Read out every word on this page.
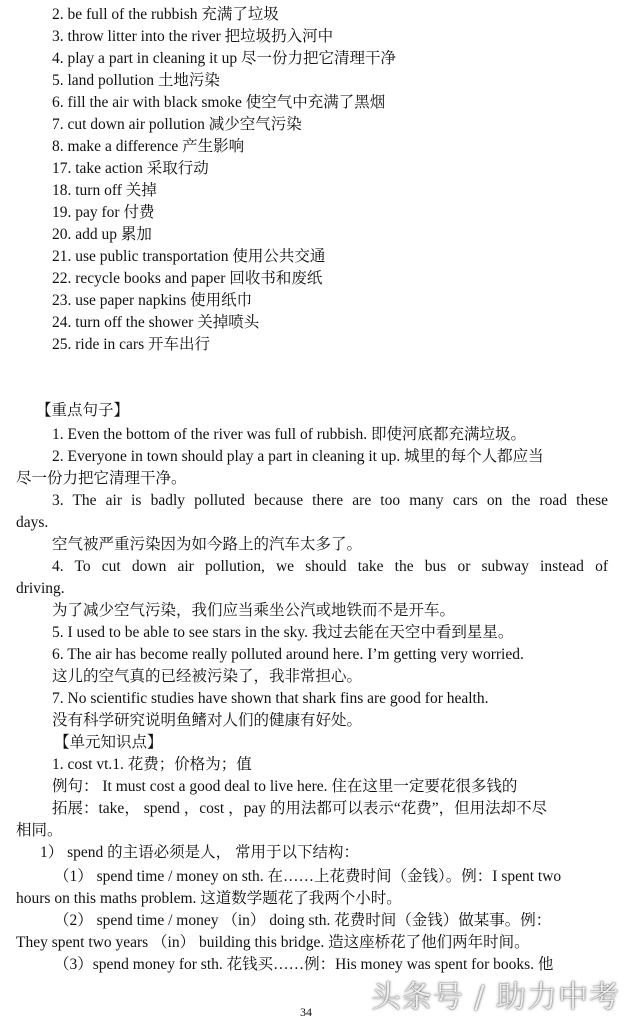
2. be full of the rubbish 充满了垃圾
3. throw litter into the river 把垃圾扔入河中
4. play a part in cleaning it up 尽一份力把它清理干净
5. land pollution 土地污染
6. fill the air with black smoke 使空气中充满了黑烟
7. cut down air pollution 减少空气污染
8. make a difference 产生影响
17. take action 采取行动
18. turn off 关掉
19. pay for 付费
20. add up 累加
21. use public transportation 使用公共交通
22. recycle books and paper 回收书和废纸
23. use paper napkins 使用纸巾
24. turn off the shower 关掉喷头
25. ride in cars 开车出行
【重点句子】
1. Even the bottom of the river was full of rubbish. 即使河底都充满垃圾。
2. Everyone in town should play a part in cleaning it up. 城里的每个人都应当
尽一份力把它清理干净。
3. The air is badly polluted because there are too many cars on the road these
days.
空气被严重污染因为如今路上的汽车太多了。
4. To cut down air pollution, we should take the bus or subway instead of
driving.
为了减少空气污染，我们应当乘坐公汽或地铁而不是开车。
5. I used to be able to see stars in the sky. 我过去能在天空中看到星星。
6. The air has become really polluted around here. I’m getting very worried.
这儿的空气真的已经被污染了，我非常担心。
7. No scientific studies have shown that shark fins are good for health.
没有科学研究说明鱼鳍对人们的健康有好处。
【单元知识点】
1. cost vt.1. 花费；价格为；值
例句： It must cost a good deal to live here. 住在这里一定要花很多钱的
拓展：take， spend ，cost ，pay 的用法都可以表示“花费”，但用法却不尽
相同。
1） spend 的主语必须是人， 常用于以下结构：
（1） spend time / money on sth. 在……上花费时间（金钱）。例：I spent two
hours on this maths problem. 这道数学题花了我两个小时。
（2） spend time / money （in） doing sth. 花费时间（金钱）做某事。例：
They spent two years （in） building this bridge. 造这座桥花了他们两年时间。
（3）spend money for sth. 花钱买……例：His money was spent for books. 他
头条号 / 助力中考
34
